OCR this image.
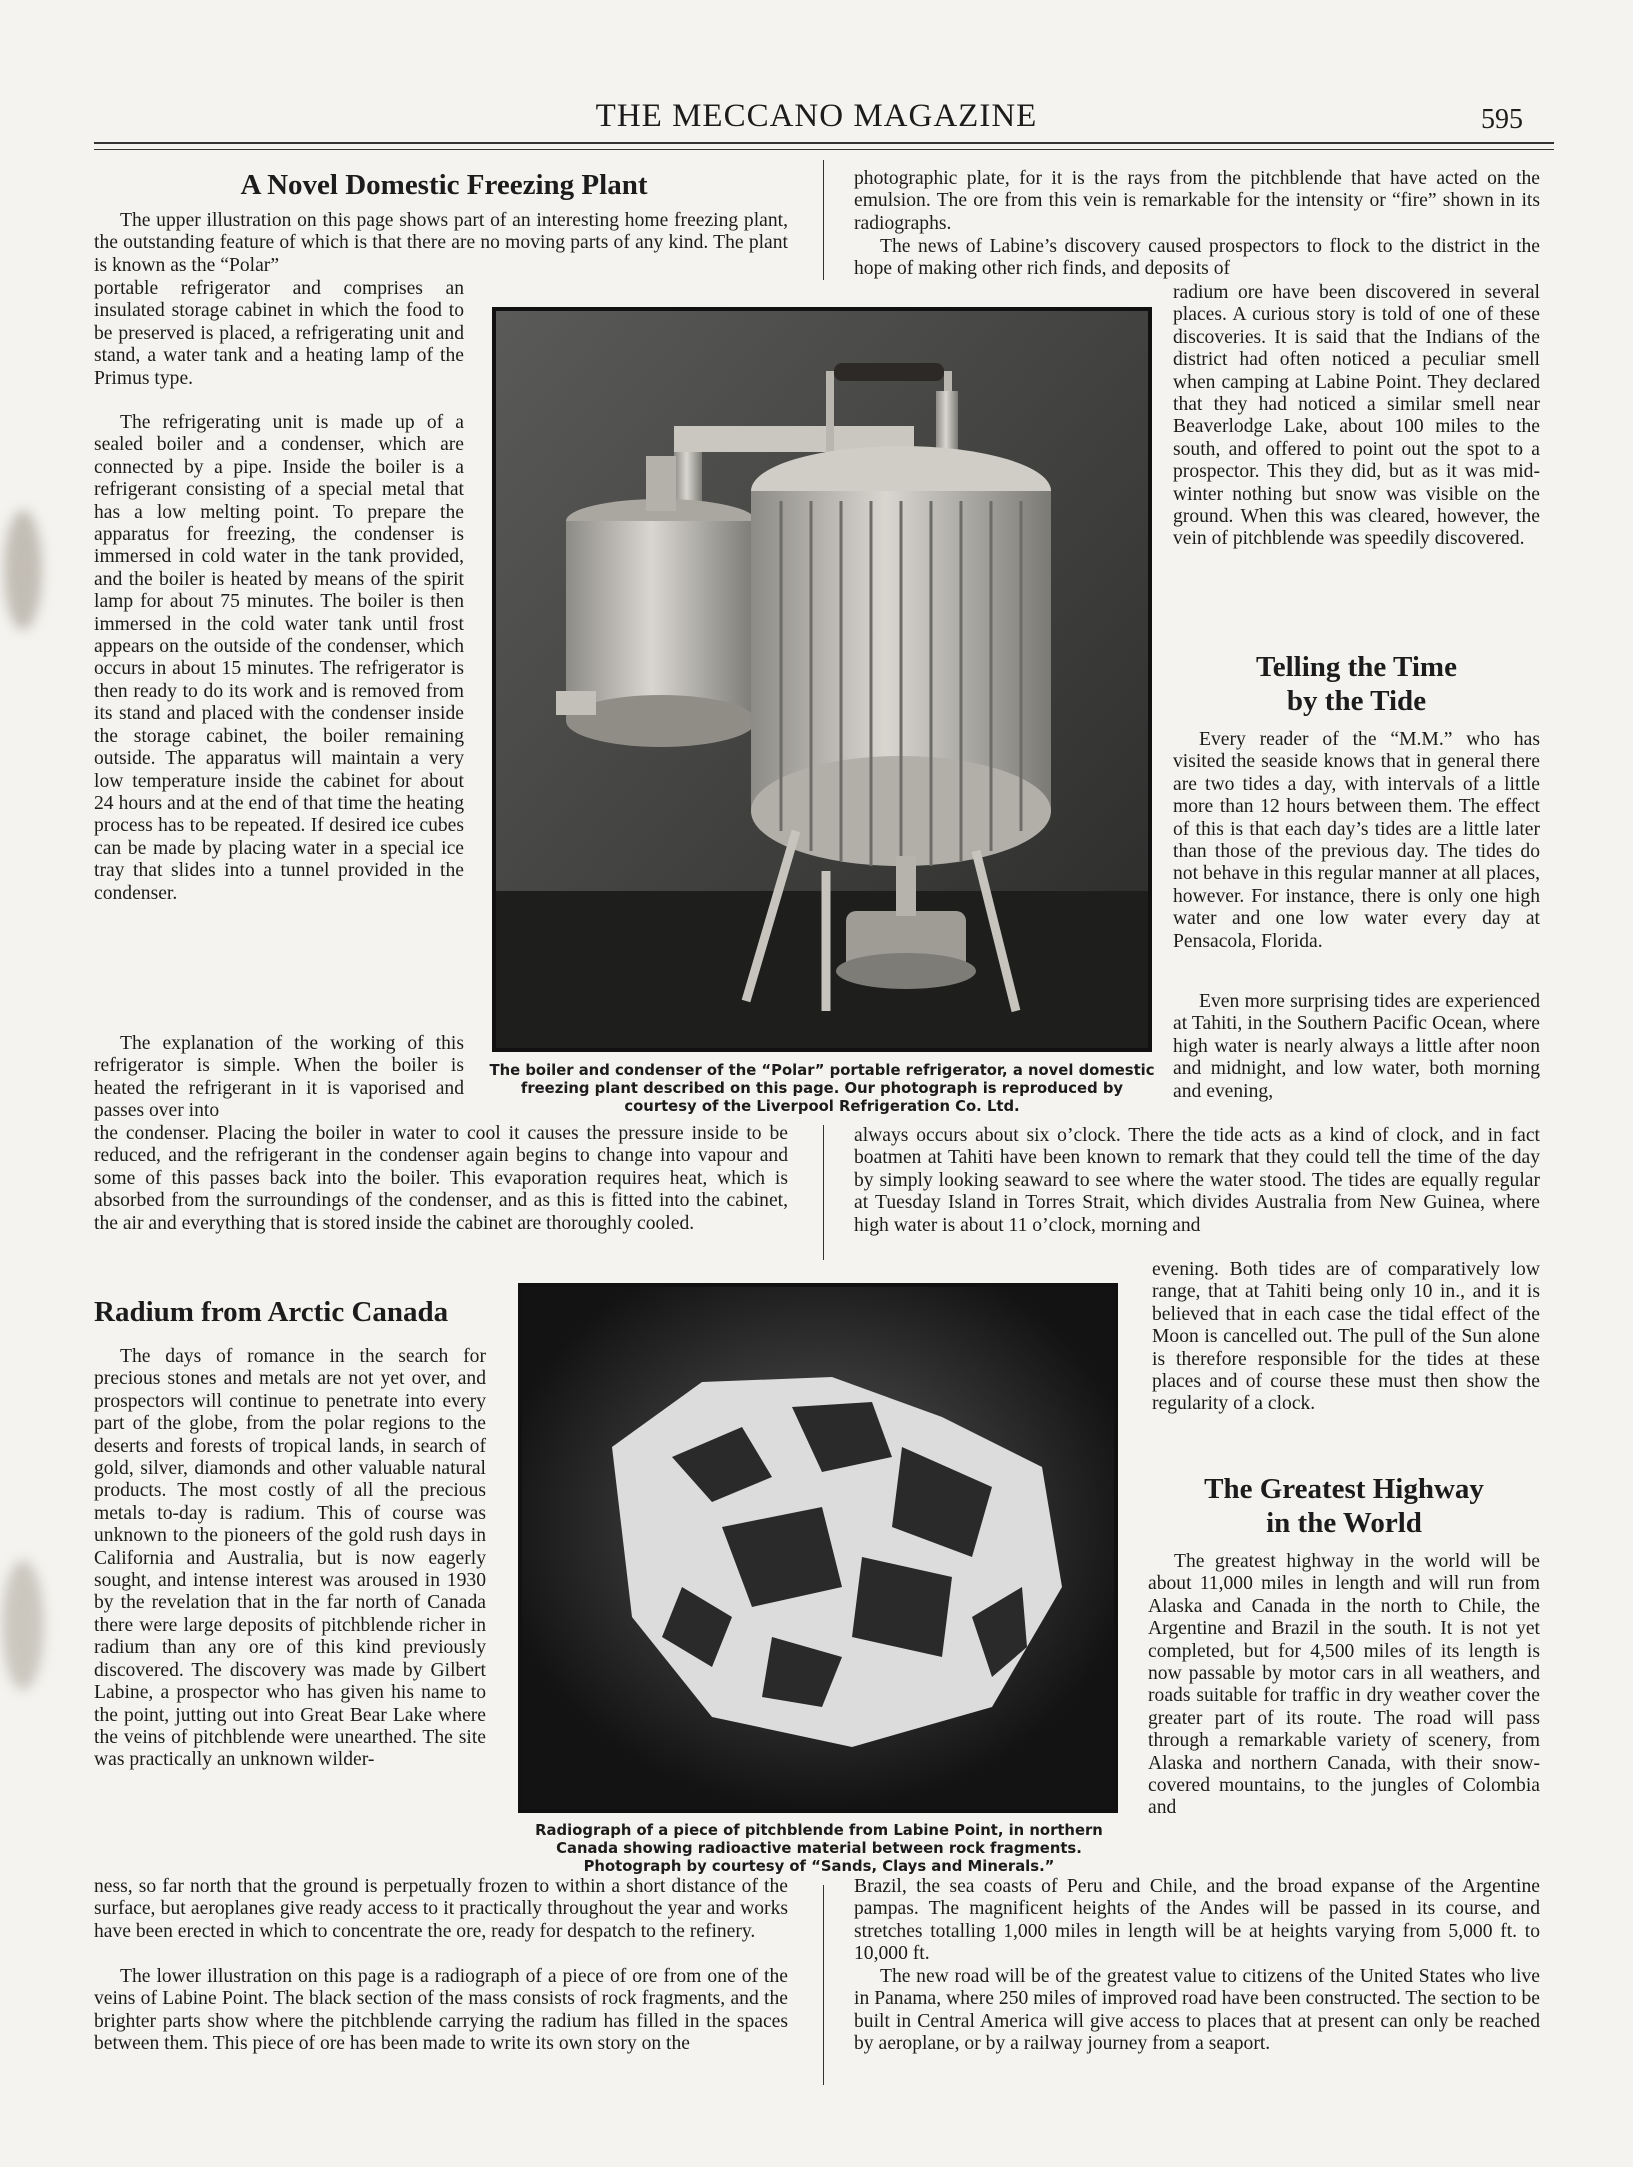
THE MECCANO MAGAZINE	595
A Novel Domestic Freezing Plant
The upper illustration on this page shows part of an interesting home freezing plant, the outstanding feature of which is that there are no moving parts of any kind. The plant is known as the “Polar”
portable refrigerator and comprises an insulated storage cabinet in which the food to be preserved is placed, a refrigerating unit and stand, a water tank and a heating lamp of the Primus type.
The refrigerating unit is made up of a sealed boiler and a condenser, which are connected by a pipe. Inside the boiler is a refrigerant consisting of a special metal that has a low melting point. To prepare the apparatus for freezing, the condenser is immersed in cold water in the tank provided, and the boiler is heated by means of the spirit lamp for about 75 minutes. The boiler is then immersed in the cold water tank until frost appears on the outside of the condenser, which occurs in about 15 minutes. The refrigerator is then ready to do its work and is removed from its stand and placed with the condenser inside the storage cabinet, the boiler remaining outside. The apparatus will maintain a very low temperature inside the cabinet for about 24 hours and at the end of that time the heating process has to be repeated. If desired ice cubes can be made by placing water in a special ice tray that slides into a tunnel provided in the condenser.
The explanation of the working of this refrigerator is simple. When the boiler is heated the refrigerant in it is vaporised and passes over into
the condenser. Placing the boiler in water to cool it causes the pressure inside to be reduced, and the refrigerant in the condenser again begins to change into vapour and some of this passes back into the boiler. This evaporation requires heat, which is absorbed from the surroundings of the condenser, and as this is fitted into the cabinet, the air and everything that is stored inside the cabinet are thoroughly cooled.
The boiler and condenser of the “Polar” portable refrigerator, a novel domestic freezing plant described on this page. Our photograph is reproduced by courtesy of the Liverpool Refrigeration Co. Ltd.
Radium from Arctic Canada
The days of romance in the search for precious stones and metals are not yet over, and prospectors will continue to penetrate into every part of the globe, from the polar regions to the deserts and forests of tropical lands, in search of gold, silver, diamonds and other valuable natural products. The most costly of all the precious metals to-day is radium. This of course was unknown to the pioneers of the gold rush days in California and Australia, but is now eagerly sought, and intense interest was aroused in 1930 by the revelation that in the far north of Canada there were large deposits of pitchblende richer in radium than any ore of this kind previously discovered. The discovery was made by Gilbert Labine, a prospector who has given his name to the point, jutting out into Great Bear Lake where the veins of pitchblende were unearthed. The site was practically an unknown wilder-
ness, so far north that the ground is perpetually frozen to within a short distance of the surface, but aeroplanes give ready access to it practically throughout the year and works have been erected in which to concentrate the ore, ready for despatch to the refinery.
The lower illustration on this page is a radiograph of a piece of ore from one of the veins of Labine Point. The black section of the mass consists of rock fragments, and the brighter parts show where the pitchblende carrying the radium has filled in the spaces between them. This piece of ore has been made to write its own story on the
photographic plate, for it is the rays from the pitchblende that have acted on the emulsion. The ore from this vein is remarkable for the intensity or “fire” shown in its radiographs.
The news of Labine’s discovery caused prospectors to flock to the district in the hope of making other rich finds, and deposits of
radium ore have been discovered in several places. A curious story is told of one of these discoveries. It is said that the Indians of the district had often noticed a peculiar smell when camping at Labine Point. They declared that they had noticed a similar smell near Beaverlodge Lake, about 100 miles to the south, and offered to point out the spot to a prospector. This they did, but as it was mid-winter nothing but snow was visible on the ground. When this was cleared, however, the vein of pitchblende was speedily discovered.
Radiograph of a piece of pitchblende from Labine Point, in northern Canada showing radioactive material between rock fragments. Photograph by courtesy of “Sands, Clays and Minerals.”
Telling the Time
by the Tide
Every reader of the “M.M.” who has visited the seaside knows that in general there are two tides a day, with intervals of a little more than 12 hours between them. The effect of this is that each day’s tides are a little later than those of the previous day. The tides do not behave in this regular manner at all places, however. For instance, there is only one high water and one low water every day at Pensacola, Florida.
Even more surprising tides are experienced at Tahiti, in the Southern Pacific Ocean, where high water is nearly always a little after noon and midnight, and low water, both morning and evening,
always occurs about six o’clock. There the tide acts as a kind of clock, and in fact boatmen at Tahiti have been known to remark that they could tell the time of the day by simply looking seaward to see where the water stood. The tides are equally regular at Tuesday Island in Torres Strait, which divides Australia from New Guinea, where high water is about 11 o’clock, morning and
evening. Both tides are of comparatively low range, that at Tahiti being only 10 in., and it is believed that in each case the tidal effect of the Moon is cancelled out. The pull of the Sun alone is therefore responsible for the tides at these places and of course these must then show the regularity of a clock.
The Greatest Highway
in the World
The greatest highway in the world will be about 11,000 miles in length and will run from Alaska and Canada in the north to Chile, the Argentine and Brazil in the south. It is not yet completed, but for 4,500 miles of its length is now passable by motor cars in all weathers, and roads suitable for traffic in dry weather cover the greater part of its route. The road will pass through a remarkable variety of scenery, from Alaska and northern Canada, with their snow-covered mountains, to the jungles of Colombia and
Brazil, the sea coasts of Peru and Chile, and the broad expanse of the Argentine pampas. The magnificent heights of the Andes will be passed in its course, and stretches totalling 1,000 miles in length will be at heights varying from 5,000 ft. to 10,000 ft.
The new road will be of the greatest value to citizens of the United States who live in Panama, where 250 miles of improved road have been constructed. The section to be built in Central America will give access to places that at present can only be reached by aeroplane, or by a railway journey from a seaport.
